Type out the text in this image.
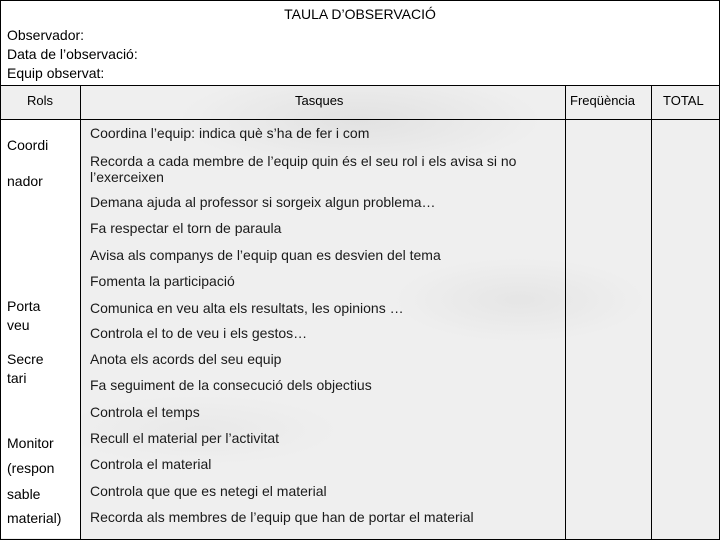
TAULA D’OBSERVACIÓ
Observador:
Data de l’observació:
Equip observat:
Rols	Tasques	Freqüència TOTAL
Coordi
nador
Porta
veu
Secre
tari
Monitor
(respon
sable
material)
Coordina l’equip: indica què s’ha de fer i com
Recorda a cada membre de l’equip quin és el seu rol i els avisa si no l’exerceixen
Demana ajuda al professor si sorgeix algun problema…
Fa respectar el torn de paraula
Avisa als companys de l’equip quan es desvien del tema
Fomenta la participació
Comunica en veu alta els resultats, les opinions …
Controla el to de veu i els gestos…
Anota els acords del seu equip
Fa seguiment de la consecució dels objectius
Controla el temps
Recull el material per l’activitat
Controla el material
Controla que que es netegi el material
Recorda als membres de l’equip que han de portar el material
